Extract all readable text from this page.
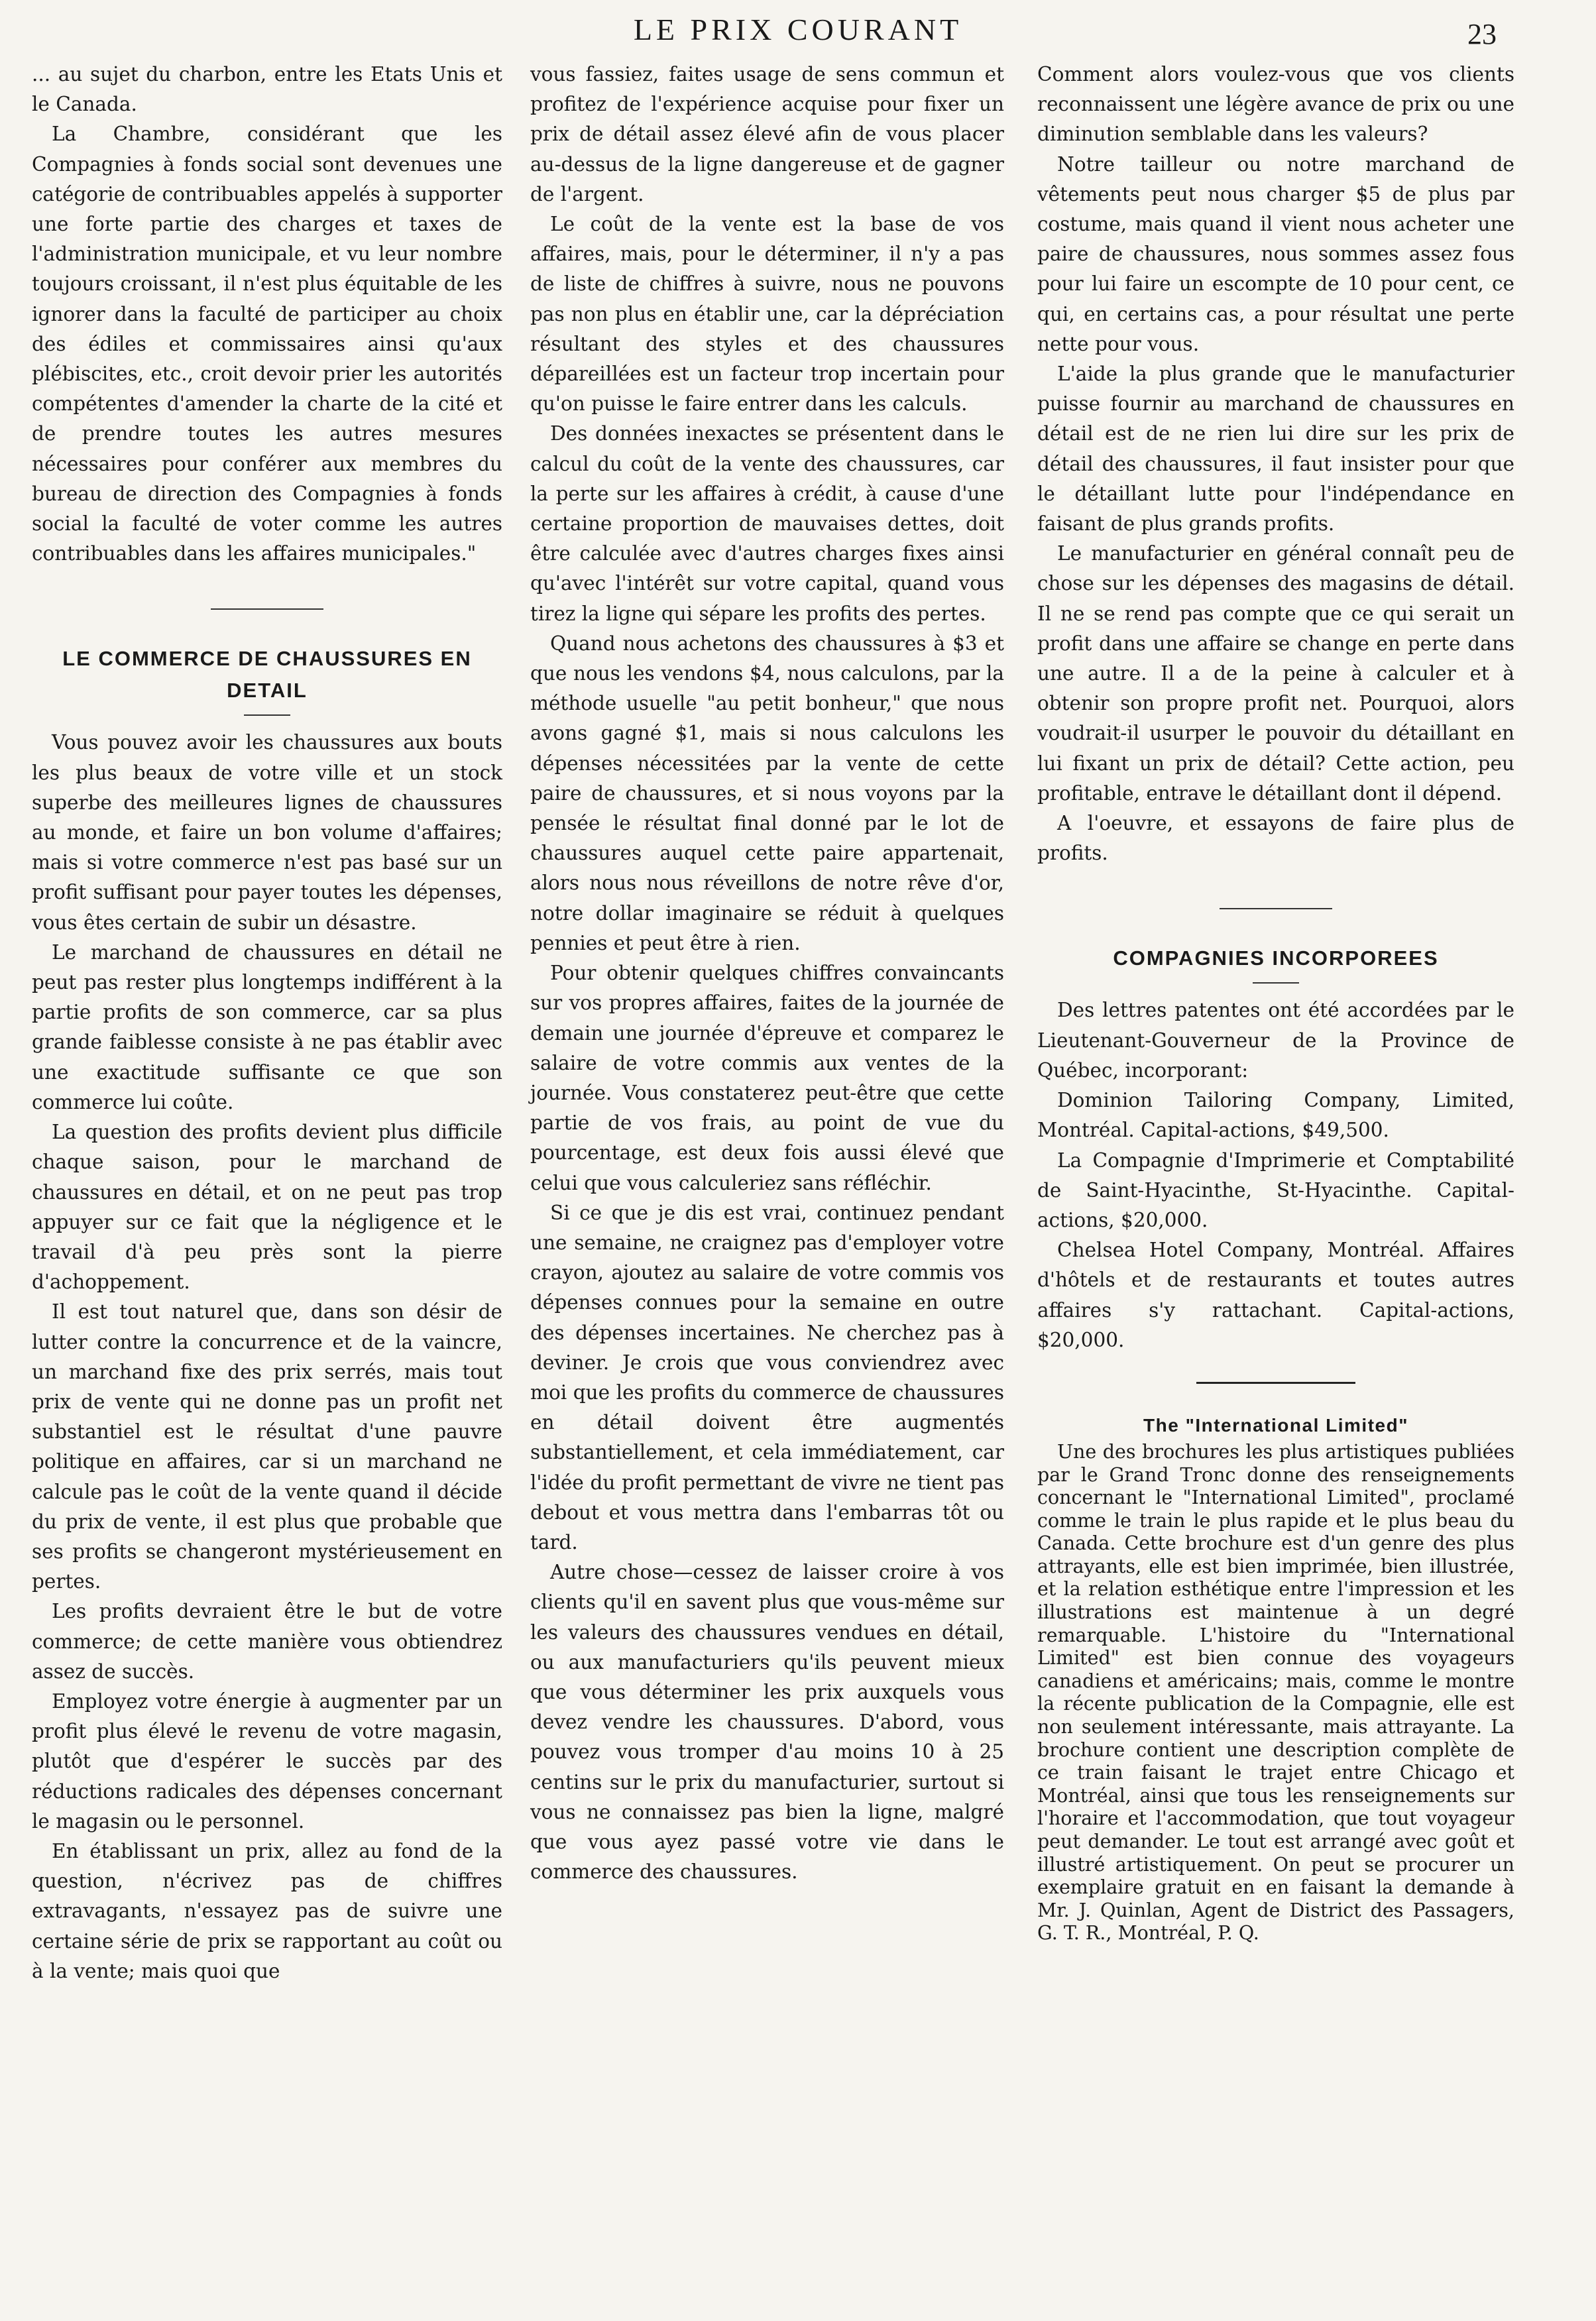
LE PRIX COURANT	23

... au sujet du charbon, entre les Etats Unis et le Canada.

La Chambre, considérant que les Compagnies à fonds social sont devenues une catégorie de contribuables appelés à supporter une forte partie des charges et taxes de l'administration municipale, et vu leur nombre toujours croissant, il n'est plus équitable de les ignorer dans la faculté de participer au choix des édiles et commissaires ainsi qu'aux plébiscites, etc., croit devoir prier les autorités compétentes d'amender la charte de la cité et de prendre toutes les autres mesures nécessaires pour conférer aux membres du bureau de direction des Compagnies à fonds social la faculté de voter comme les autres contribuables dans les affaires municipales."

LE COMMERCE DE CHAUSSURES EN DETAIL

Vous pouvez avoir les chaussures aux bouts les plus beaux de votre ville et un stock superbe des meilleures lignes de chaussures au monde, et faire un bon volume d'affaires; mais si votre commerce n'est pas basé sur un profit suffisant pour payer toutes les dépenses, vous êtes certain de subir un désastre.

Le marchand de chaussures en détail ne peut pas rester plus longtemps indifférent à la partie profits de son commerce, car sa plus grande faiblesse consiste à ne pas établir avec une exactitude suffisante ce que son commerce lui coûte.

La question des profits devient plus difficile chaque saison, pour le marchand de chaussures en détail, et on ne peut pas trop appuyer sur ce fait que la négligence et le travail d'à peu près sont la pierre d'achoppement.

Il est tout naturel que, dans son désir de lutter contre la concurrence et de la vaincre, un marchand fixe des prix serrés, mais tout prix de vente qui ne donne pas un profit net substantiel est le résultat d'une pauvre politique en affaires, car si un marchand ne calcule pas le coût de la vente quand il décide du prix de vente, il est plus que probable que ses profits se changeront mystérieusement en pertes.

Les profits devraient être le but de votre commerce; de cette manière vous obtiendrez assez de succès.

Employez votre énergie à augmenter par un profit plus élevé le revenu de votre magasin, plutôt que d'espérer le succès par des réductions radicales des dépenses concernant le magasin ou le personnel.

En établissant un prix, allez au fond de la question, n'écrivez pas de chiffres extravagants, n'essayez pas de suivre une certaine série de prix se rapportant au coût ou à la vente; mais quoi que

vous fassiez, faites usage de sens commun et profitez de l'expérience acquise pour fixer un prix de détail assez élevé afin de vous placer au-dessus de la ligne dangereuse et de gagner de l'argent.

Le coût de la vente est la base de vos affaires, mais, pour le déterminer, il n'y a pas de liste de chiffres à suivre, nous ne pouvons pas non plus en établir une, car la dépréciation résultant des styles et des chaussures dépareillées est un facteur trop incertain pour qu'on puisse le faire entrer dans les calculs.

Des données inexactes se présentent dans le calcul du coût de la vente des chaussures, car la perte sur les affaires à crédit, à cause d'une certaine proportion de mauvaises dettes, doit être calculée avec d'autres charges fixes ainsi qu'avec l'intérêt sur votre capital, quand vous tirez la ligne qui sépare les profits des pertes.

Quand nous achetons des chaussures à $3 et que nous les vendons $4, nous calculons, par la méthode usuelle "au petit bonheur," que nous avons gagné $1, mais si nous calculons les dépenses nécessitées par la vente de cette paire de chaussures, et si nous voyons par la pensée le résultat final donné par le lot de chaussures auquel cette paire appartenait, alors nous nous réveillons de notre rêve d'or, notre dollar imaginaire se réduit à quelques pennies et peut être à rien.

Pour obtenir quelques chiffres convaincants sur vos propres affaires, faites de la journée de demain une journée d'épreuve et comparez le salaire de votre commis aux ventes de la journée. Vous constaterez peut-être que cette partie de vos frais, au point de vue du pourcentage, est deux fois aussi élevé que celui que vous calculeriez sans réfléchir.

Si ce que je dis est vrai, continuez pendant une semaine, ne craignez pas d'employer votre crayon, ajoutez au salaire de votre commis vos dépenses connues pour la semaine en outre des dépenses incertaines. Ne cherchez pas à deviner. Je crois que vous conviendrez avec moi que les profits du commerce de chaussures en détail doivent être augmentés substantiellement, et cela immédiatement, car l'idée du profit permettant de vivre ne tient pas debout et vous mettra dans l'embarras tôt ou tard.

Autre chose—cessez de laisser croire à vos clients qu'il en savent plus que vous-même sur les valeurs des chaussures vendues en détail, ou aux manufacturiers qu'ils peuvent mieux que vous déterminer les prix auxquels vous devez vendre les chaussures. D'abord, vous pouvez vous tromper d'au moins 10 à 25 centins sur le prix du manufacturier, surtout si vous ne connaissez pas bien la ligne, malgré que vous ayez passé votre vie dans le commerce des chaussures.

Comment alors voulez-vous que vos clients reconnaissent une légère avance de prix ou une diminution semblable dans les valeurs?

Notre tailleur ou notre marchand de vêtements peut nous charger $5 de plus par costume, mais quand il vient nous acheter une paire de chaussures, nous sommes assez fous pour lui faire un escompte de 10 pour cent, ce qui, en certains cas, a pour résultat une perte nette pour vous.

L'aide la plus grande que le manufacturier puisse fournir au marchand de chaussures en détail est de ne rien lui dire sur les prix de détail des chaussures, il faut insister pour que le détaillant lutte pour l'indépendance en faisant de plus grands profits.

Le manufacturier en général connaît peu de chose sur les dépenses des magasins de détail. Il ne se rend pas compte que ce qui serait un profit dans une affaire se change en perte dans une autre. Il a de la peine à calculer et à obtenir son propre profit net. Pourquoi, alors voudrait-il usurper le pouvoir du détaillant en lui fixant un prix de détail? Cette action, peu profitable, entrave le détaillant dont il dépend.

A l'oeuvre, et essayons de faire plus de profits.

COMPAGNIES INCORPOREES

Des lettres patentes ont été accordées par le Lieutenant-Gouverneur de la Province de Québec, incorporant:

Dominion Tailoring Company, Limited, Montréal. Capital-actions, $49,500.

La Compagnie d'Imprimerie et Comptabilité de Saint-Hyacinthe, St-Hyacinthe. Capital-actions, $20,000.

Chelsea Hotel Company, Montréal. Affaires d'hôtels et de restaurants et toutes autres affaires s'y rattachant. Capital-actions, $20,000.

The "International Limited"

Une des brochures les plus artistiques publiées par le Grand Tronc donne des renseignements concernant le "International Limited", proclamé comme le train le plus rapide et le plus beau du Canada. Cette brochure est d'un genre des plus attrayants, elle est bien imprimée, bien illustrée, et la relation esthétique entre l'impression et les illustrations est maintenue à un degré remarquable. L'histoire du "International Limited" est bien connue des voyageurs canadiens et américains; mais, comme le montre la récente publication de la Compagnie, elle est non seulement intéressante, mais attrayante. La brochure contient une description complète de ce train faisant le trajet entre Chicago et Montréal, ainsi que tous les renseignements sur l'horaire et l'accommodation, que tout voyageur peut demander. Le tout est arrangé avec goût et illustré artistiquement. On peut se procurer un exemplaire gratuit en en faisant la demande à Mr. J. Quinlan, Agent de District des Passagers, G. T. R., Montréal, P. Q.
